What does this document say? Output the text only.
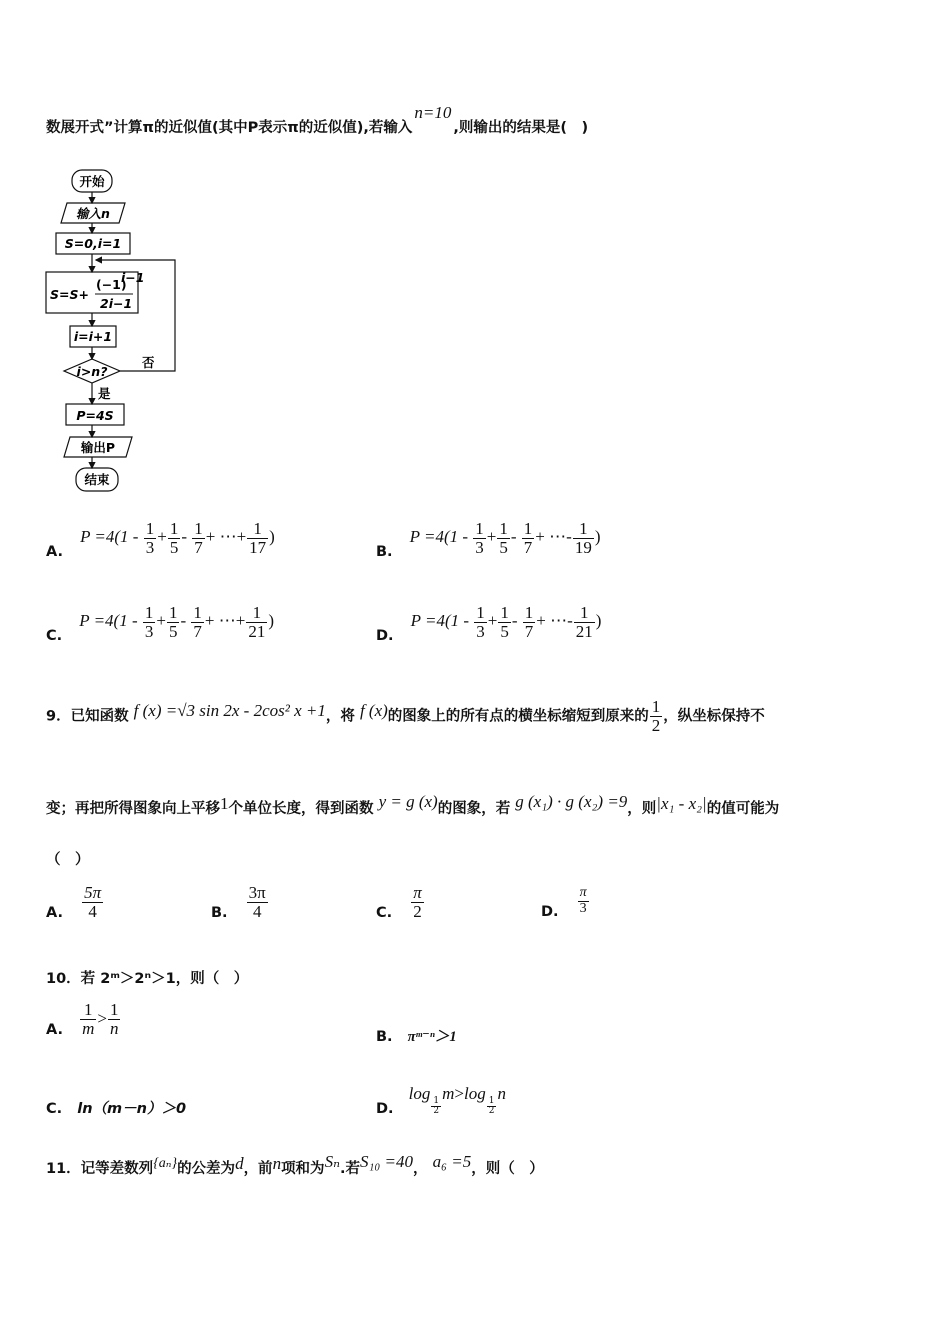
数展开式”计算π的近似值(其中P表示π的近似值),若输入n=10,则输出的结果是(　)
开始
输入n
S=0,i=1
S=S+
(−1)
i−1
2i−1
i=i+1
i>n?
否
是
P=4S
输出P
结束
A. $P =4(1 - \frac{1}{3} + \frac{1}{5} - \frac{1}{7}$ + ⋯+ $\frac{1}{17}$ )
B. $P =4(1 - \frac{1}{3} + \frac{1}{5} - \frac{1}{7}$ + ⋯- $\frac{1}{19}$ )
C. $P =4(1 - \frac{1}{3} + \frac{1}{5} - \frac{1}{7}$ + ⋯+ $\frac{1}{21}$ )
D. $P =4(1 - \frac{1}{3} + \frac{1}{5} - \frac{1}{7}$ + ⋯- $\frac{1}{21}$ )
9．已知函数 f (x) =√3 sin 2x - 2cos² x +1，将 f (x)的图象上的所有点的横坐标缩短到原来的 $\frac{1}{2}$ ，纵坐标保持不
变；再把所得图象向上平移1个单位长度，得到函数 y = g (x)的图象，若 g (x₁) · g (x₂) =9，则|x₁ - x₂|的值可能为
（　）
A. $\frac{5\pi}{4}$	B. $\frac{3\pi}{4}$	C. $\frac{\pi}{2}$	D. $\frac{\pi}{3}$
10．若 2ᵐ＞2ⁿ＞1，则（　）
A. $\frac{1}{m} > \frac{1}{n}$	B. πᵐ⁻ⁿ＞1
C. ln（m－n）＞0	D. log
$\frac{1}{2}$
m>log
$\frac{1}{2}$
n
11．记等差数列{aₙ}的公差为d，前n项和为Sₙ.若S₁₀ =40， a₆ =5，则（　）
